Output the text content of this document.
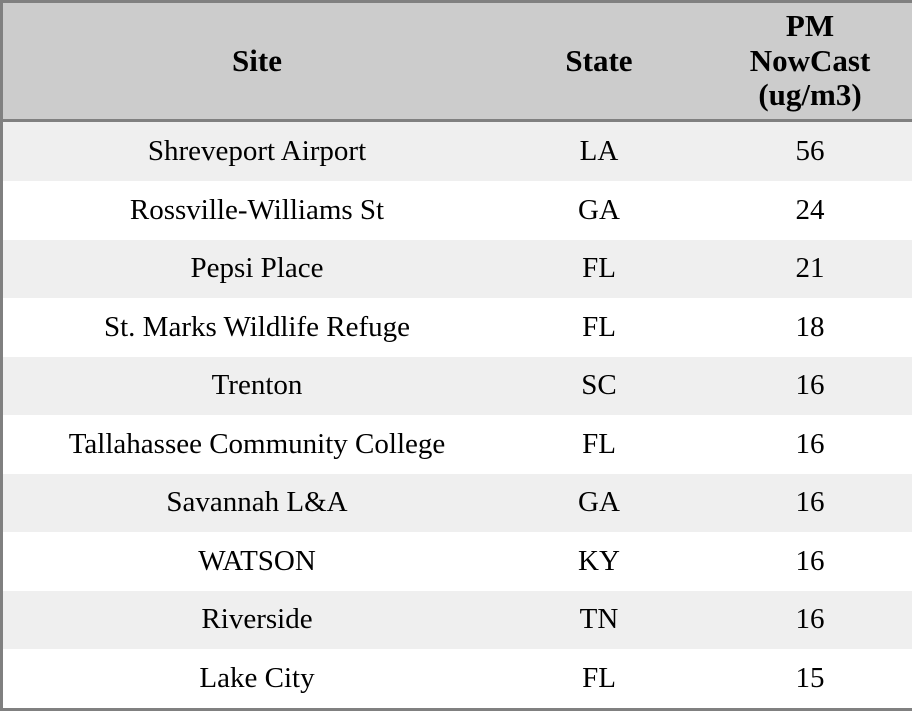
Site	State	PM
NowCast
(ug/m3)

Shreveport Airport	LA	56
Rossville-Williams St	GA	24
Pepsi Place	FL	21
St. Marks Wildlife Refuge	FL	18
Trenton	SC	16
Tallahassee Community College	FL	16
Savannah L&A	GA	16
WATSON	KY	16
Riverside	TN	16
Lake City	FL	15
